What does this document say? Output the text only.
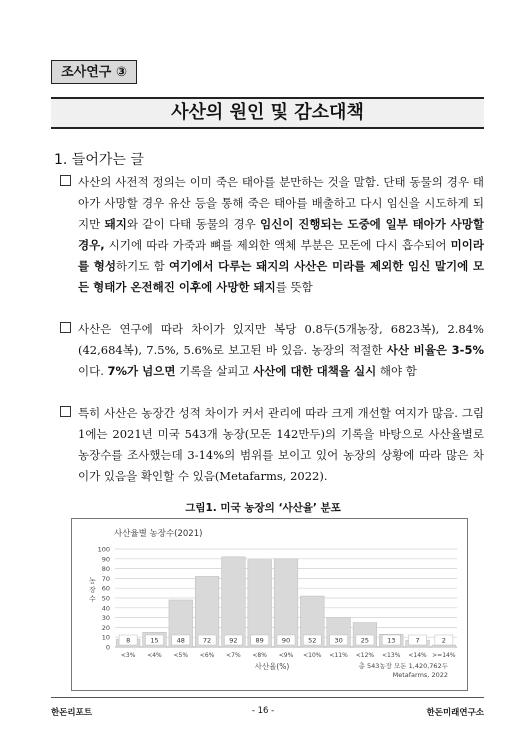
조사연구 ③
사산의 원인 및 감소대책
1. 들어가는 글
사산의 사전적 정의는 이미 죽은 태아를 분만하는 것을 말함. 단태 동물의 경우 태아가 사망할 경우 유산 등을 통해 죽은 태아를 배출하고 다시 임신을 시도하게 되지만 돼지와 같이 다태 동물의 경우 임신이 진행되는 도중에 일부 태아가 사망할 경우, 시기에 따라 가죽과 뼈를 제외한 액체 부분은 모돈에 다시 흡수되어 미이라를 형성하기도 함 여기에서 다루는 돼지의 사산은 미라를 제외한 임신 말기에 모든 형태가 온전해진 이후에 사망한 돼지를 뜻함
사산은 연구에 따라 차이가 있지만 복당 0.8두(5개농장, 6823복), 2.84%(42,684복), 7.5%, 5.6%로 보고된 바 있음. 농장의 적절한 사산 비율은 3-5%이다. 7%가 넘으면 기록을 살피고 사산에 대한 대책을 실시 해야 함
특히 사산은 농장간 성적 차이가 커서 관리에 따라 크게 개선할 여지가 많음. 그림1에는 2021년 미국 543개 농장(모돈 142만두)의 기록을 바탕으로 사산율별로 농장수를 조사했는데 3-14%의 범위를 보이고 있어 농장의 상황에 따라 많은 차이가 있음을 확인할 수 있음(Metafarms, 2022).
그림1. 미국 농장의 ‘사산율’ 분포
사산율별 농장수(2021)
0
10
20
30
40
50
60
70
80
90
100
농 장 수
8
<3%
15
<4%
48
<5%
72
<6%
92
<7%
89
<8%
90
<9%
52
<10%
30
<11%
25
<12%
13
<13%
7
<14%
2
>=14%
사산율(%)	총 543농장 모돈 1,420,762두
Metafarms, 2022
한돈리포트	- 16 -	한돈미래연구소
